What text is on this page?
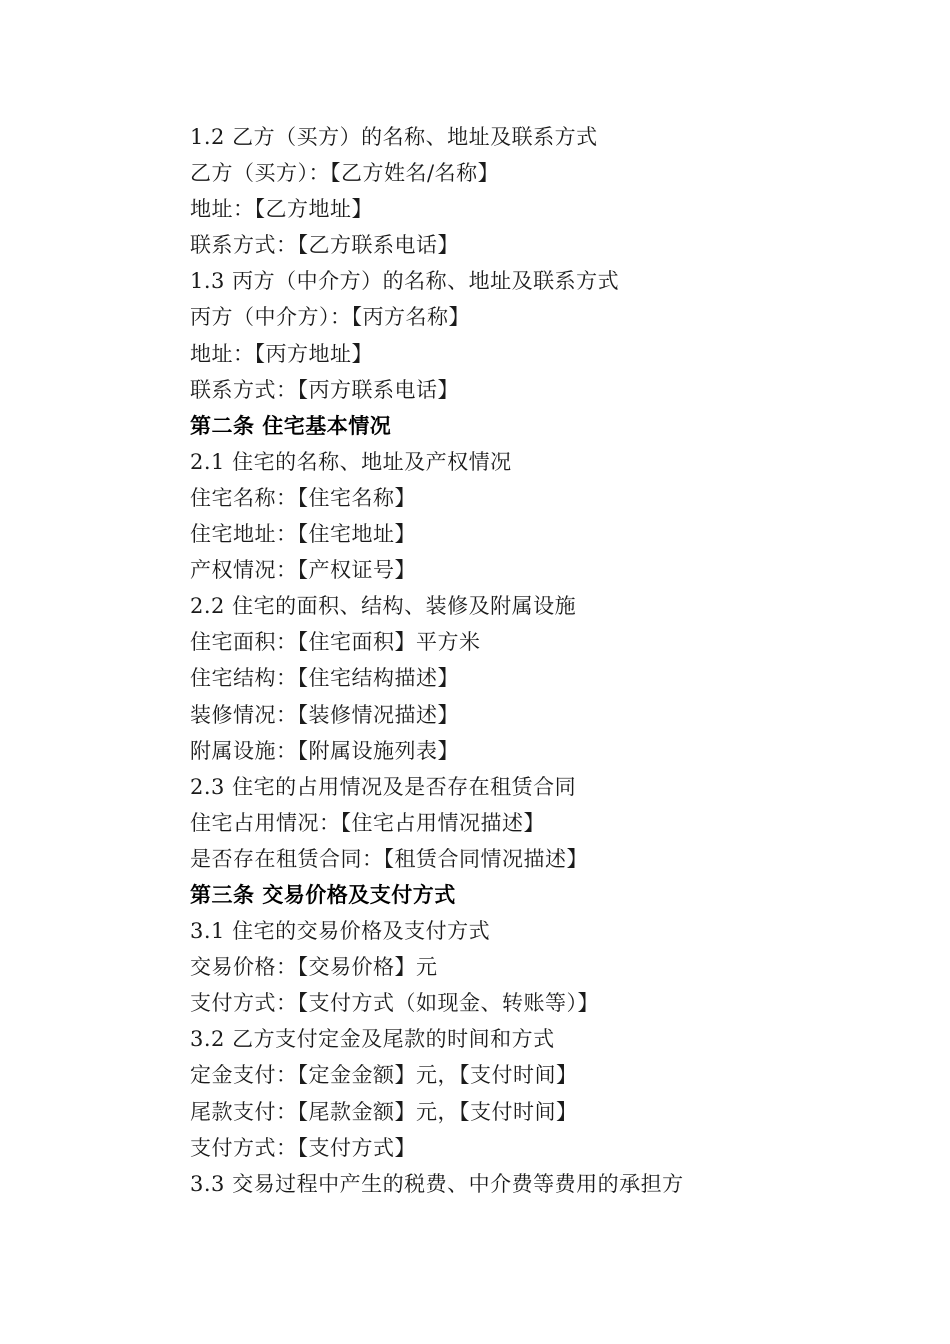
1.2 乙方（买方）的名称、地址及联系方式
乙方（买方）：【乙方姓名/名称】
地址：【乙方地址】
联系方式：【乙方联系电话】
1.3 丙方（中介方）的名称、地址及联系方式
丙方（中介方）：【丙方名称】
地址：【丙方地址】
联系方式：【丙方联系电话】
第二条 住宅基本情况
2.1 住宅的名称、地址及产权情况
住宅名称：【住宅名称】
住宅地址：【住宅地址】
产权情况：【产权证号】
2.2 住宅的面积、结构、装修及附属设施
住宅面积：【住宅面积】平方米
住宅结构：【住宅结构描述】
装修情况：【装修情况描述】
附属设施：【附属设施列表】
2.3 住宅的占用情况及是否存在租赁合同
住宅占用情况：【住宅占用情况描述】
是否存在租赁合同：【租赁合同情况描述】
第三条 交易价格及支付方式
3.1 住宅的交易价格及支付方式
交易价格：【交易价格】元
支付方式：【支付方式（如现金、转账等）】
3.2 乙方支付定金及尾款的时间和方式
定金支付：【定金金额】元，【支付时间】
尾款支付：【尾款金额】元，【支付时间】
支付方式：【支付方式】
3.3 交易过程中产生的税费、中介费等费用的承担方
